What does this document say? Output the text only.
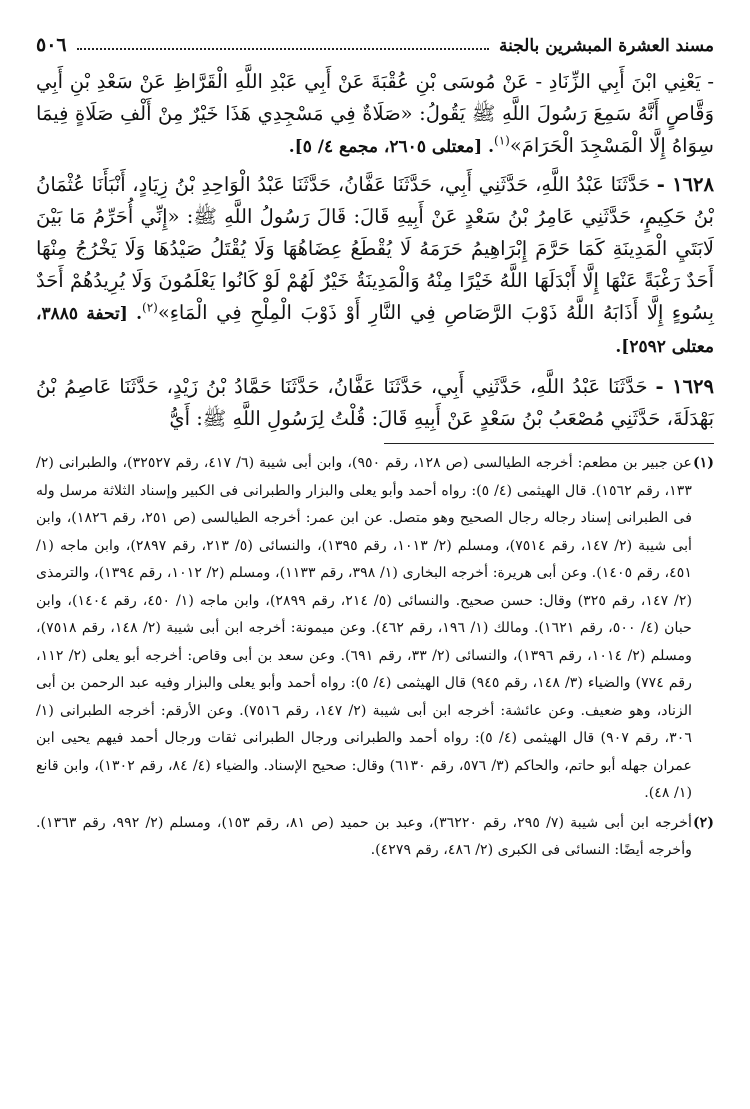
مسند العشرة المبشرين بالجنة
٥٠٦

- يَعْنِي ابْنَ أَبِي الزِّنَادِ - عَنْ مُوسَى بْنِ عُقْبَةَ عَنْ أَبِي عَبْدِ اللَّهِ الْقَرَّاظِ عَنْ سَعْدِ بْنِ أَبِي وَقَّاصٍ أَنَّهُ سَمِعَ رَسُولَ اللَّهِ ﷺ يَقُولُ: «صَلَاةٌ فِي مَسْجِدِي هَذَا خَيْرٌ مِنْ أَلْفِ صَلَاةٍ فِيمَا سِوَاهُ إِلَّا الْمَسْجِدَ الْحَرَامَ»$^{(١)}$. [معتلى ٢٦٠٥، مجمع ٤/ ٥].

١٦٢٨ - حَدَّثَنَا عَبْدُ اللَّهِ، حَدَّثَنِي أَبِي، حَدَّثَنَا عَفَّانُ، حَدَّثَنَا عَبْدُ الْوَاحِدِ بْنُ زِيَادٍ، أَنْبَأَنَا عُثْمَانُ بْنُ حَكِيمٍ، حَدَّثَنِي عَامِرُ بْنُ سَعْدٍ عَنْ أَبِيهِ قَالَ: قَالَ رَسُولُ اللَّهِ ﷺ: «إِنِّي أُحَرِّمُ مَا بَيْنَ لَابَتَيِ الْمَدِينَةِ كَمَا حَرَّمَ إِبْرَاهِيمُ حَرَمَهُ لَا يُقْطَعُ عِضَاهُهَا وَلَا يُقْتَلُ صَيْدُهَا وَلَا يَخْرُجُ مِنْهَا أَحَدٌ رَغْبَةً عَنْهَا إِلَّا أَبْدَلَهَا اللَّهُ خَيْرًا مِنْهُ وَالْمَدِينَةُ خَيْرٌ لَهُمْ لَوْ كَانُوا يَعْلَمُونَ وَلَا يُرِيدُهُمْ أَحَدٌ بِسُوءٍ إِلَّا أَذَابَهُ اللَّهُ ذَوْبَ الرَّصَاصِ فِي النَّارِ أَوْ ذَوْبَ الْمِلْحِ فِي الْمَاءِ»$^{(٢)}$. [تحفة ٣٨٨٥، معتلى ٢٥٩٢].

١٦٢٩ - حَدَّثَنَا عَبْدُ اللَّهِ، حَدَّثَنِي أَبِي، حَدَّثَنَا عَفَّانُ، حَدَّثَنَا حَمَّادُ بْنُ زَيْدٍ، حَدَّثَنَا عَاصِمُ بْنُ بَهْدَلَةَ، حَدَّثَنِي مُصْعَبُ بْنُ سَعْدٍ عَنْ أَبِيهِ قَالَ: قُلْتُ لِرَسُولِ اللَّهِ ﷺ: أَيُّ

(١)
عن جبير بن مطعم: أخرجه الطيالسى (ص ١٢٨، رقم ٩٥٠)، وابن أبى شيبة (٦/ ٤١٧، رقم ٣٢٥٢٧)، والطبرانى (٢/ ١٣٣، رقم ١٥٦٢). قال الهيثمى (٤/ ٥): رواه أحمد وأبو يعلى والبزار والطبرانى فى الكبير وإسناد الثلاثة مرسل وله فى الطبرانى إسناد رجاله رجال الصحيح وهو متصل. عن ابن عمر: أخرجه الطيالسى (ص ٢٥١، رقم ١٨٢٦)، وابن أبى شيبة (٢/ ١٤٧، رقم ٧٥١٤)، ومسلم (٢/ ١٠١٣، رقم ١٣٩٥)، والنسائى (٥/ ٢١٣، رقم ٢٨٩٧)، وابن ماجه (١/ ٤٥١، رقم ١٤٠٥). وعن أبى هريرة: أخرجه البخارى (١/ ٣٩٨، رقم ١١٣٣)، ومسلم (٢/ ١٠١٢، رقم ١٣٩٤)، والترمذى (٢/ ١٤٧، رقم ٣٢٥) وقال: حسن صحيح. والنسائى (٥/ ٢١٤، رقم ٢٨٩٩)، وابن ماجه (١/ ٤٥٠، رقم ١٤٠٤)، وابن حبان (٤/ ٥٠٠، رقم ١٦٢١). ومالك (١/ ١٩٦، رقم ٤٦٢). وعن ميمونة: أخرجه ابن أبى شيبة (٢/ ١٤٨، رقم ٧٥١٨)، ومسلم (٢/ ١٠١٤، رقم ١٣٩٦)، والنسائى (٢/ ٣٣، رقم ٦٩١). وعن سعد بن أبى وقاص: أخرجه أبو يعلى (٢/ ١١٢، رقم ٧٧٤) والضياء (٣/ ١٤٨، رقم ٩٤٥) قال الهيثمى (٤/ ٥): رواه أحمد وأبو يعلى والبزار وفيه عبد الرحمن بن أبى الزناد، وهو ضعيف. وعن عائشة: أخرجه ابن أبى شيبة (٢/ ١٤٧، رقم ٧٥١٦). وعن الأرقم: أخرجه الطبرانى (١/ ٣٠٦، رقم ٩٠٧) قال الهيثمى (٤/ ٥): رواه أحمد والطبرانى ورجال الطبرانى ثقات ورجال أحمد فيهم يحيى ابن عمران جهله أبو حاتم، والحاكم (٣/ ٥٧٦، رقم ٦١٣٠) وقال: صحيح الإسناد. والضياء (٤/ ٨٤، رقم ١٣٠٢)، وابن قانع (١/ ٤٨).
(٢)
أخرجه ابن أبى شيبة (٧/ ٢٩٥، رقم ٣٦٢٢٠)، وعبد بن حميد (ص ٨١، رقم ١٥٣)، ومسلم (٢/ ٩٩٢، رقم ١٣٦٣). وأخرجه أيضًا: النسائى فى الكبرى (٢/ ٤٨٦، رقم ٤٢٧٩).
